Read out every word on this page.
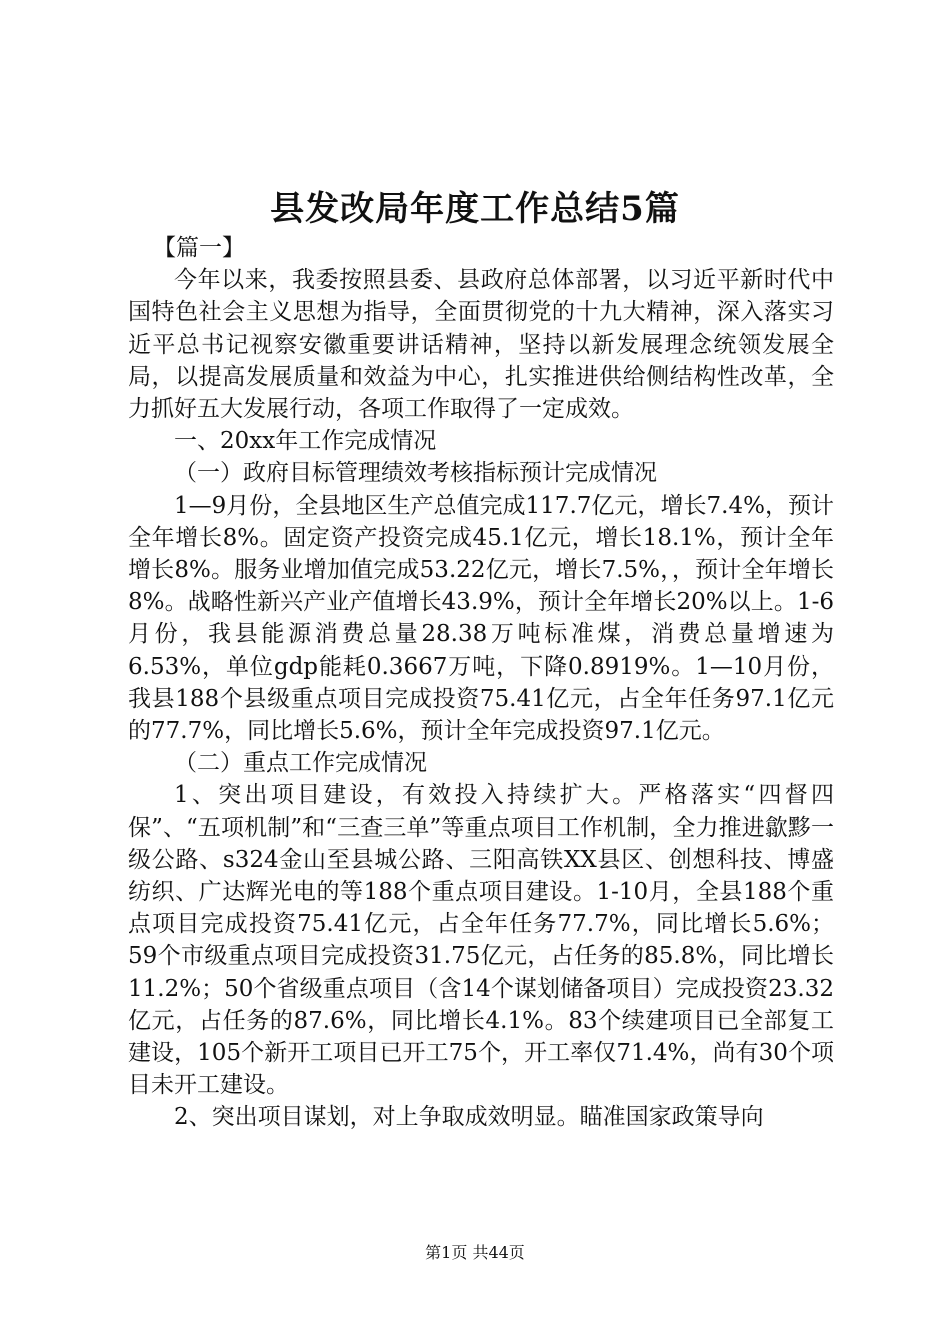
县发改局年度工作总结5篇

【篇一】

今年以来，我委按照县委、县政府总体部署，以习近平新时代中国特色社会主义思想为指导，全面贯彻党的十九大精神，深入落实习近平总书记视察安徽重要讲话精神，坚持以新发展理念统领发展全局，以提高发展质量和效益为中心，扎实推进供给侧结构性改革，全力抓好五大发展行动，各项工作取得了一定成效。

一、20xx年工作完成情况

（一）政府目标管理绩效考核指标预计完成情况

1—9月份，全县地区生产总值完成117.7亿元，增长7.4%，预计全年增长8%。固定资产投资完成45.1亿元，增长18.1%，预计全年增长8%。服务业增加值完成53.22亿元，增长7.5%，，预计全年增长8%。战略性新兴产业产值增长43.9%，预计全年增长20%以上。1-6月份，我县能源消费总量28.38万吨标准煤，消费总量增速为6.53%，单位gdp能耗0.3667万吨，下降0.8919%。1—10月份，我县188个县级重点项目完成投资75.41亿元，占全年任务97.1亿元的77.7%，同比增长5.6%，预计全年完成投资97.1亿元。

（二）重点工作完成情况

1、突出项目建设，有效投入持续扩大。严格落实“四督四保”、“五项机制”和“三查三单”等重点项目工作机制，全力推进歙黟一级公路、s324金山至县城公路、三阳高铁XX县区、创想科技、博盛纺织、广达辉光电的等188个重点项目建设。1-10月，全县188个重点项目完成投资75.41亿元，占全年任务77.7%，同比增长5.6%；59个市级重点项目完成投资31.75亿元，占任务的85.8%，同比增长11.2%；50个省级重点项目（含14个谋划储备项目）完成投资23.32亿元，占任务的87.6%，同比增长4.1%。83个续建项目已全部复工建设，105个新开工项目已开工75个，开工率仅71.4%，尚有30个项目未开工建设。

2、突出项目谋划，对上争取成效明显。瞄准国家政策导向

第1页 共44页
